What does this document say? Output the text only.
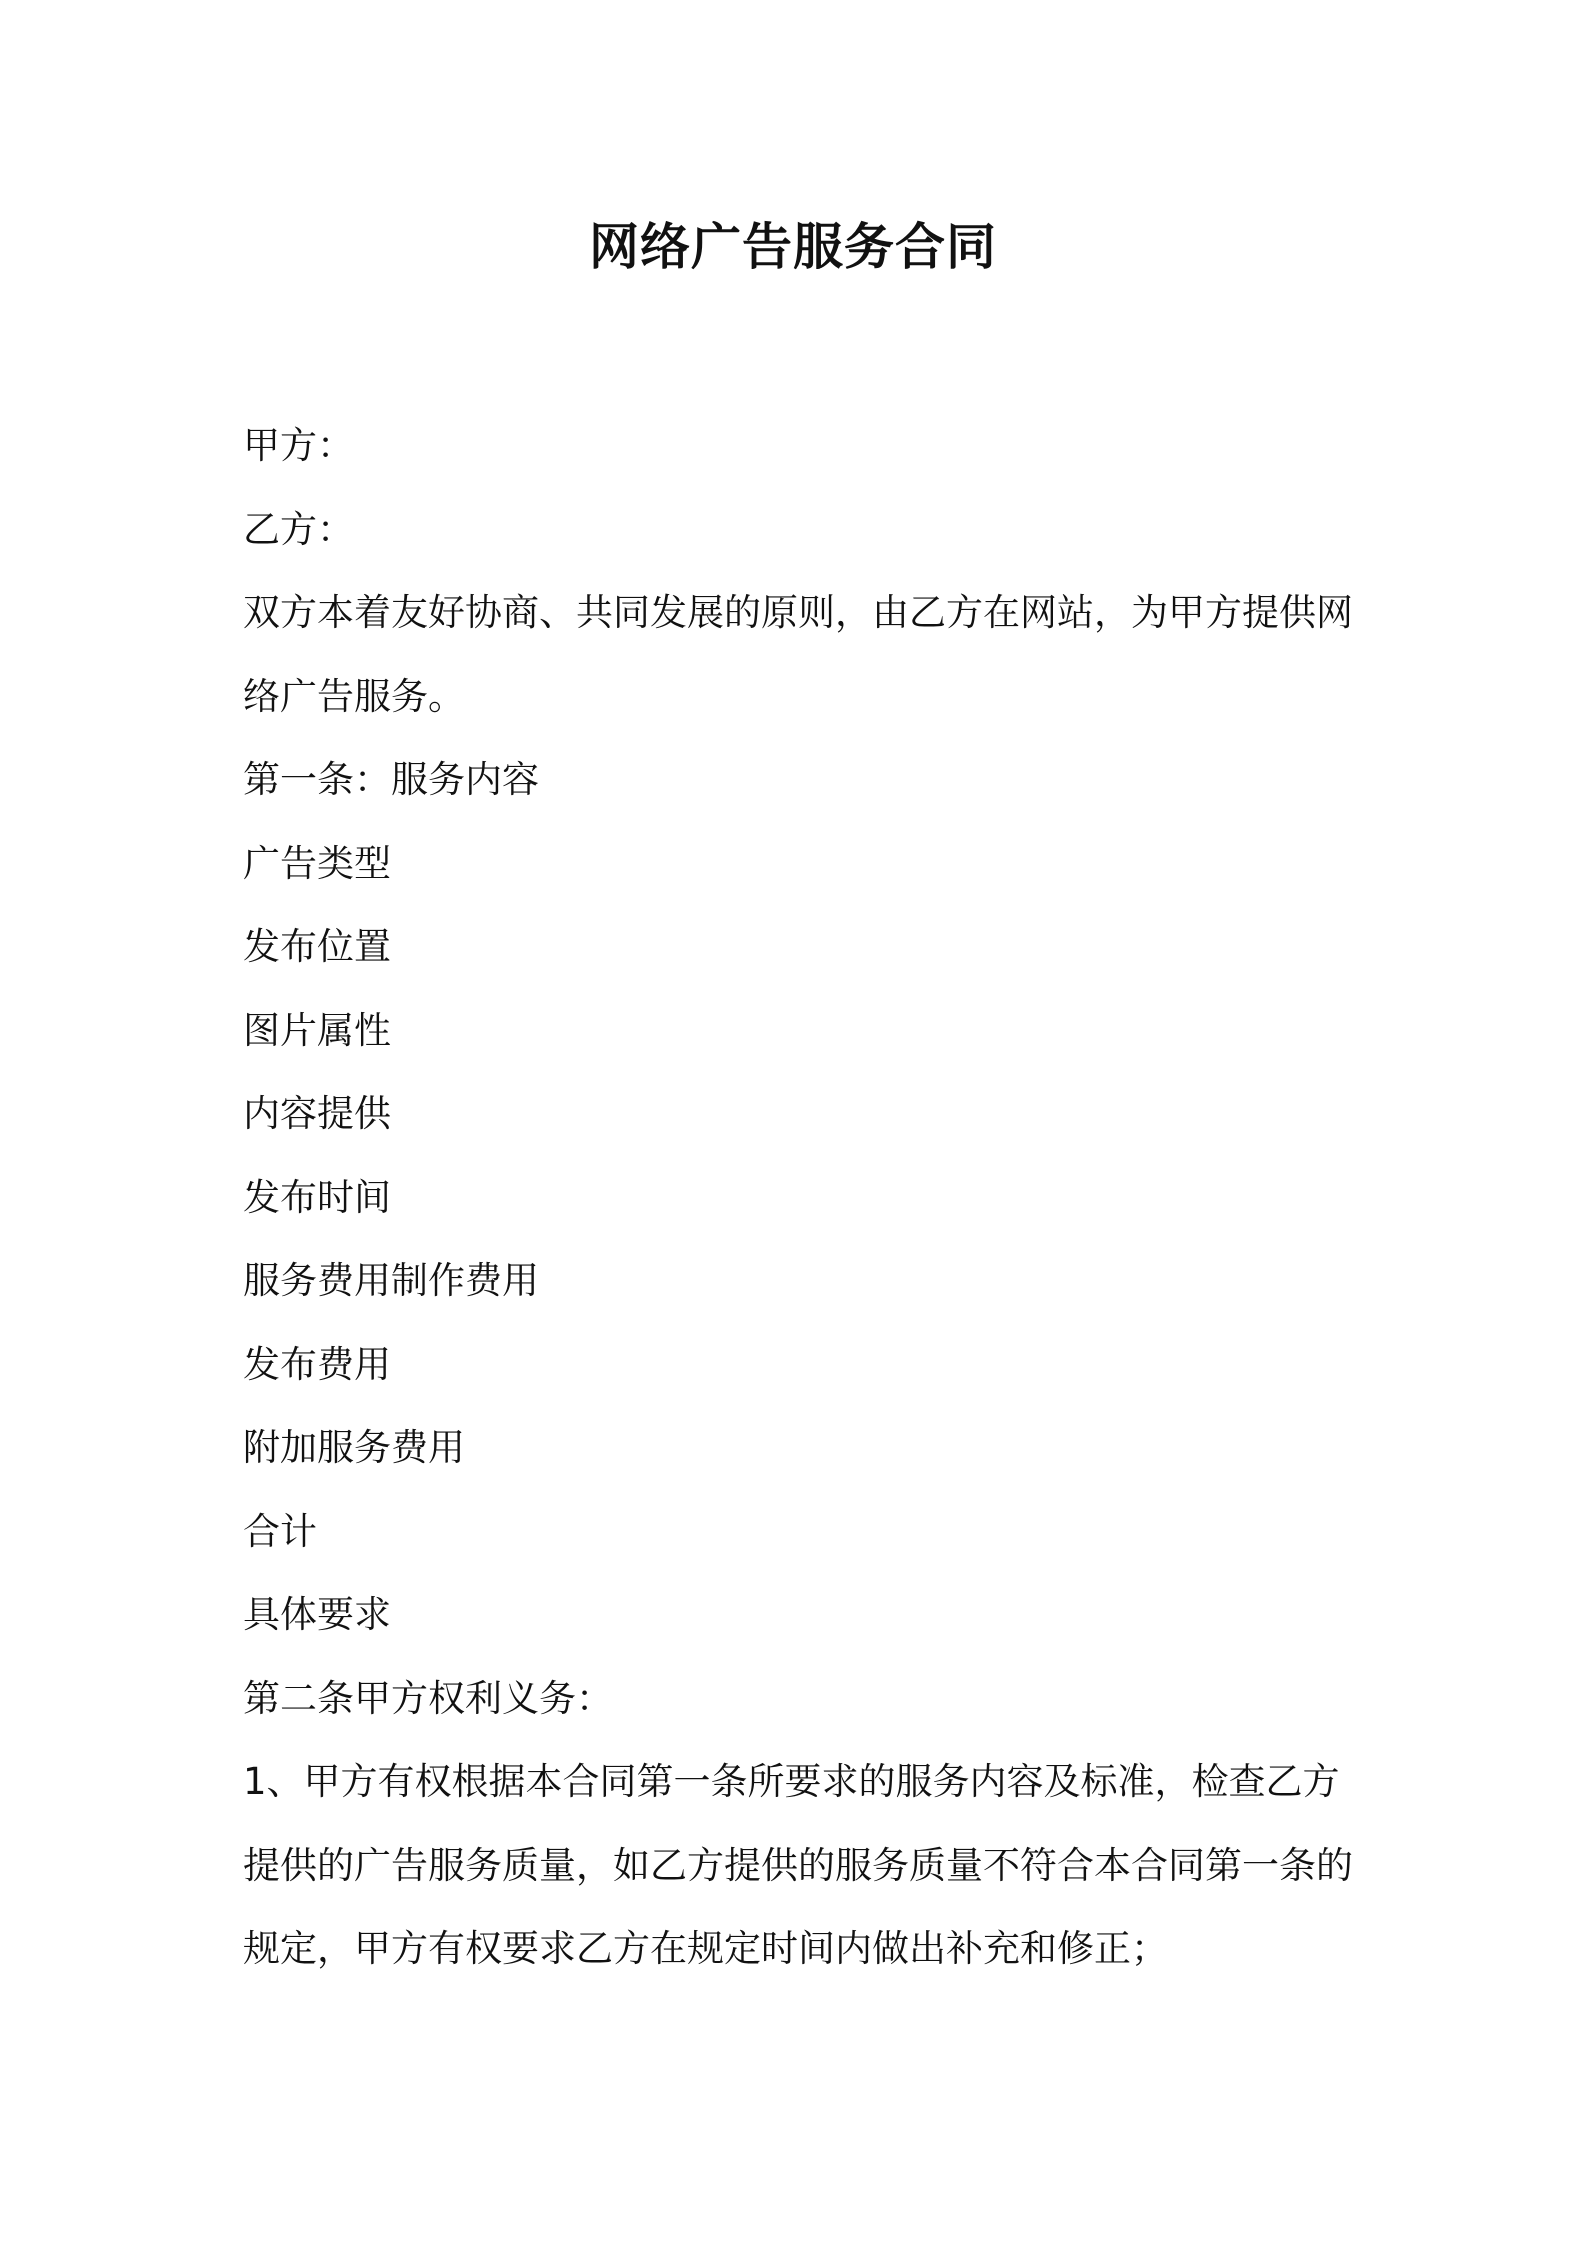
网络广告服务合同

甲方：

乙方：

双方本着友好协商、共同发展的原则，由乙方在网站，为甲方提供网
络广告服务。

第一条：服务内容

广告类型

发布位置

图片属性

内容提供

发布时间

服务费用制作费用

发布费用

附加服务费用

合计

具体要求

第二条甲方权利义务：

1、甲方有权根据本合同第一条所要求的服务内容及标准，检查乙方
提供的广告服务质量，如乙方提供的服务质量不符合本合同第一条的
规定，甲方有权要求乙方在规定时间内做出补充和修正；
